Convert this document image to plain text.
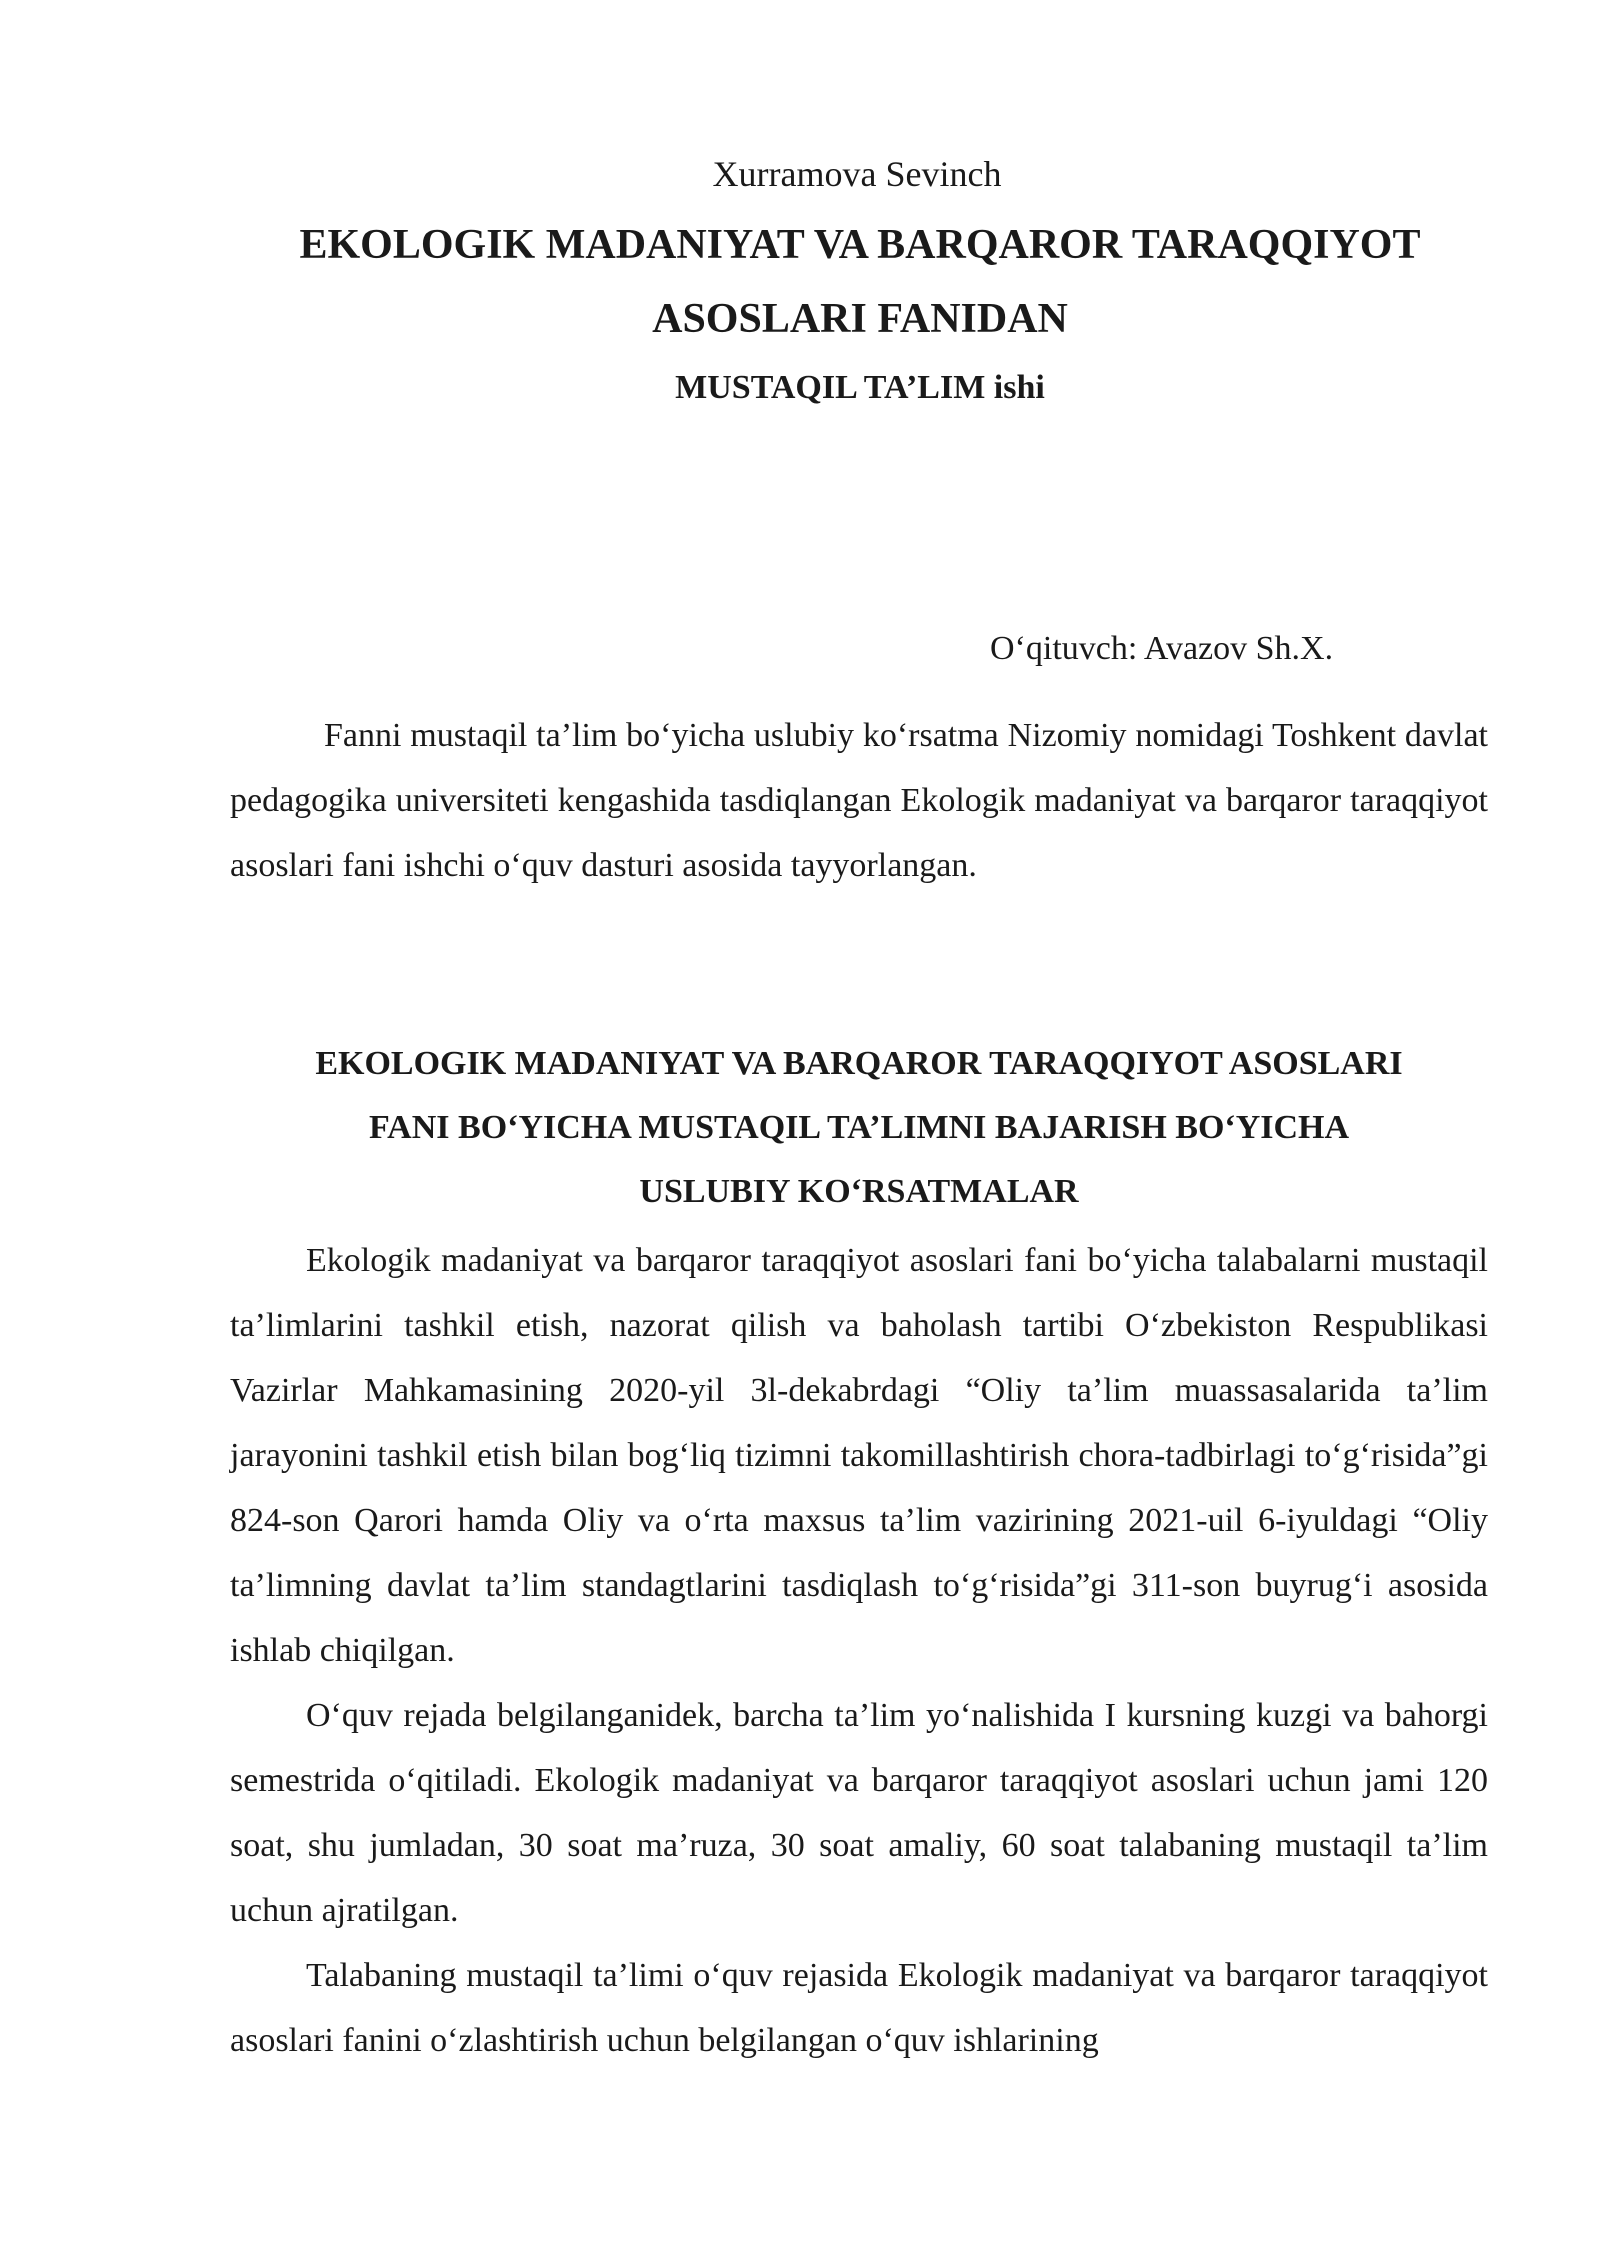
Xurramova Sevinch

EKOLOGIK MADANIYAT VA BARQAROR TARAQQIYOT
ASOSLARI FANIDAN
MUSTAQIL TA’LIM ishi

O‘qituvch: Avazov Sh.X.

Fanni mustaqil ta’lim bo‘yicha uslubiy ko‘rsatma Nizomiy nomidagi Toshkent davlat pedagogika universiteti kengashida tasdiqlangan Ekologik madaniyat va barqaror taraqqiyot asoslari fani ishchi o‘quv dasturi asosida tayyorlangan.

EKOLOGIK MADANIYAT VA BARQAROR TARAQQIYOT ASOSLARI
FANI BO‘YICHA MUSTAQIL TA’LIMNI BAJARISH BO‘YICHA
USLUBIY KO‘RSATMALAR

Ekologik madaniyat va barqaror taraqqiyot asoslari fani bo‘yicha talabalarni mustaqil ta’limlarini tashkil etish, nazorat qilish va baholash tartibi O‘zbekiston Respublikasi Vazirlar Mahkamasining 2020-yil 3l-dekabrdagi “Oliy ta’lim muassasalarida ta’lim jarayonini tashkil etish bilan bog‘liq tizimni takomillashtirish chora-tadbirlagi to‘g‘risida”gi 824-son Qarori hamda Oliy va o‘rta maxsus ta’lim vazirining 2021-uil 6-iyuldagi “Oliy ta’limning davlat ta’lim standagtlarini tasdiqlash to‘g‘risida”gi 311-son buyrug‘i asosida ishlab chiqilgan.

O‘quv rejada belgilanganidek, barcha ta’lim yo‘nalishida I kursning kuzgi va bahorgi semestrida o‘qitiladi. Ekologik madaniyat va barqaror taraqqiyot asoslari uchun jami 120 soat, shu jumladan, 30 soat ma’ruza, 30 soat amaliy, 60 soat talabaning mustaqil ta’lim uchun ajratilgan.

Talabaning mustaqil ta’limi o‘quv rejasida Ekologik madaniyat va barqaror taraqqiyot asoslari fanini o‘zlashtirish uchun belgilangan o‘quv ishlarining
